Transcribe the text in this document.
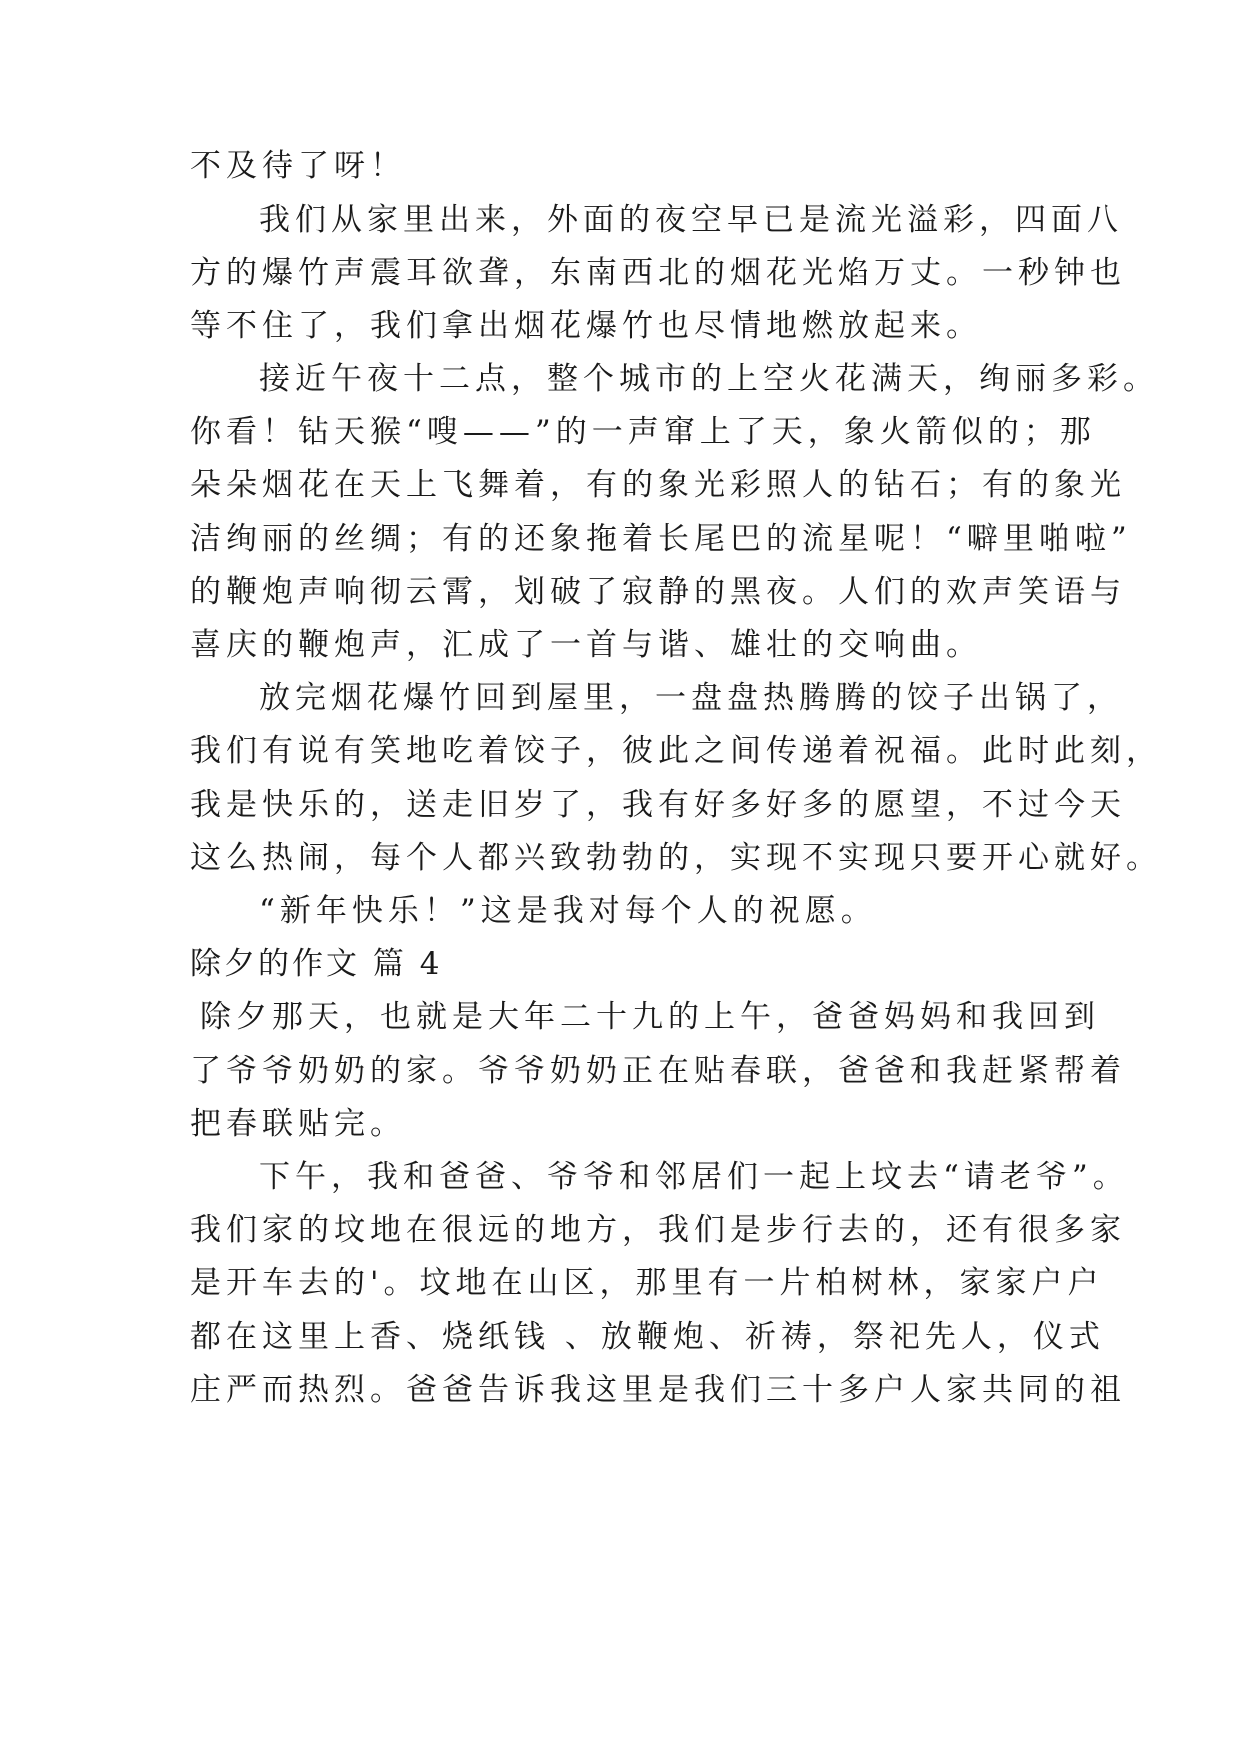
不及待了呀！
我们从家里出来，外面的夜空早已是流光溢彩，四面八
方的爆竹声震耳欲聋，东南西北的烟花光焰万丈。一秒钟也
等不住了，我们拿出烟花爆竹也尽情地燃放起来。
接近午夜十二点，整个城市的上空火花满天，绚丽多彩。
你看！钻天猴“嗖——”的一声窜上了天，象火箭似的；那
朵朵烟花在天上飞舞着，有的象光彩照人的钻石；有的象光
洁绚丽的丝绸；有的还象拖着长尾巴的流星呢！“噼里啪啦”
的鞭炮声响彻云霄，划破了寂静的黑夜。人们的欢声笑语与
喜庆的鞭炮声，汇成了一首与谐、雄壮的交响曲。
放完烟花爆竹回到屋里，一盘盘热腾腾的饺子出锅了，
我们有说有笑地吃着饺子，彼此之间传递着祝福。此时此刻，
我是快乐的，送走旧岁了，我有好多好多的愿望，不过今天
这么热闹，每个人都兴致勃勃的，实现不实现只要开心就好。
“新年快乐！”这是我对每个人的祝愿。
除夕的作文 篇 4
除夕那天，也就是大年二十九的上午，爸爸妈妈和我回到
了爷爷奶奶的家。爷爷奶奶正在贴春联，爸爸和我赶紧帮着
把春联贴完。
下午，我和爸爸、爷爷和邻居们一起上坟去“请老爷”。
我们家的坟地在很远的地方，我们是步行去的，还有很多家
是开车去的'。坟地在山区，那里有一片柏树林，家家户户
都在这里上香、烧纸钱 、放鞭炮、祈祷，祭祀先人，仪式
庄严而热烈。爸爸告诉我这里是我们三十多户人家共同的祖
